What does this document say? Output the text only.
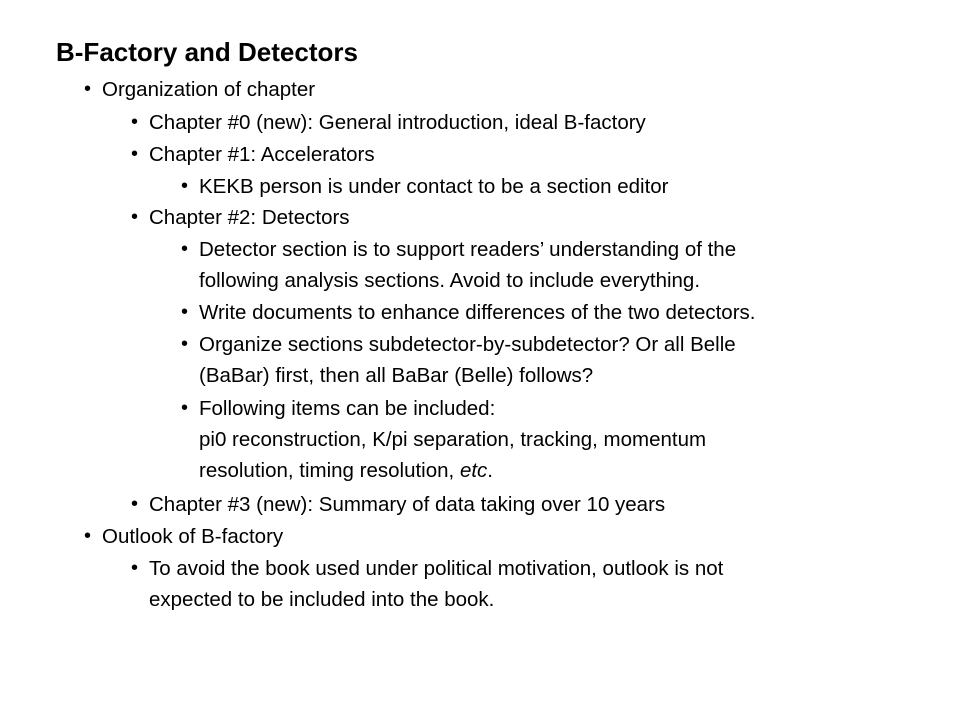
B-Factory and Detectors
• Organization of chapter
• Chapter #0 (new): General introduction, ideal B-factory
• Chapter #1: Accelerators
• KEKB person is under contact to be a section editor
• Chapter #2: Detectors
• Detector section is to support readers’ understanding of the
following analysis sections. Avoid to include everything.
• Write documents to enhance differences of the two detectors.
• Organize sections subdetector-by-subdetector? Or all Belle
(BaBar) first, then all BaBar (Belle) follows?
• Following items can be included:
pi0 reconstruction, K/pi separation, tracking, momentum
resolution, timing resolution, etc.
• Chapter #3 (new): Summary of data taking over 10 years
• Outlook of B-factory
• To avoid the book used under political motivation, outlook is not
expected to be included into the book.
